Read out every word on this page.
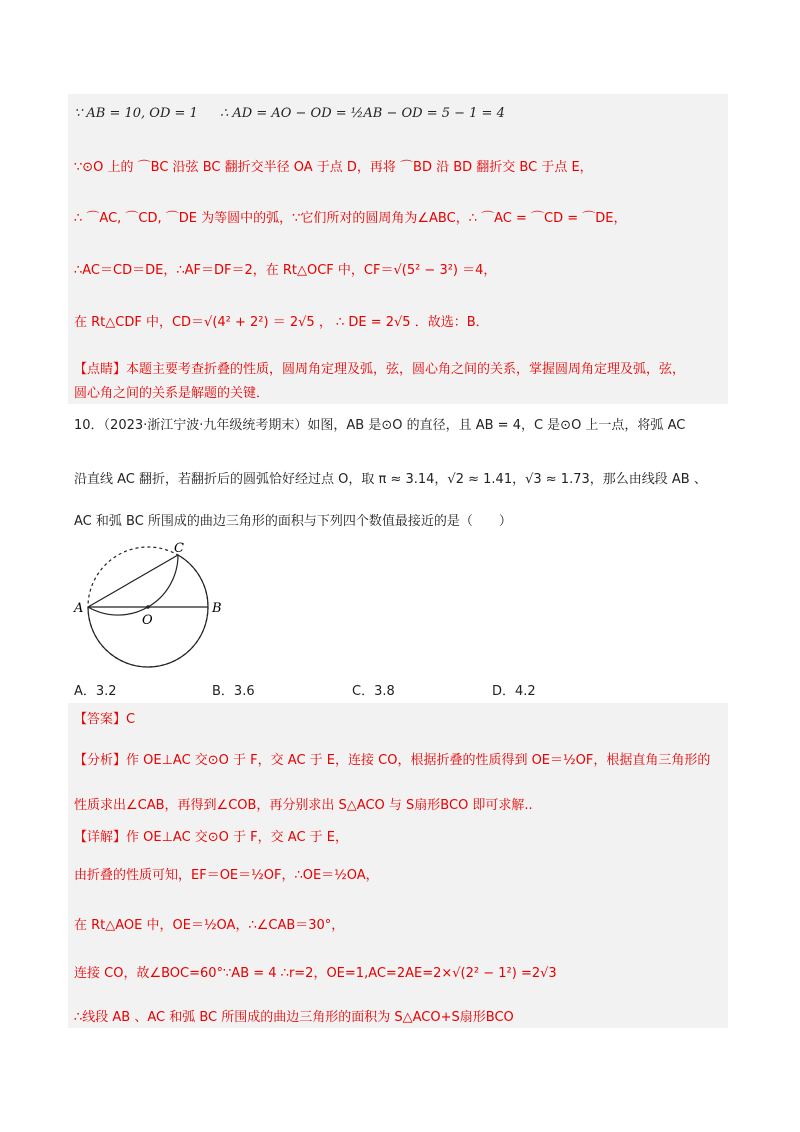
∵ AB = 10, OD = 1 ∴ AD = AO − OD = ½AB − OD = 5 − 1 = 4
∵⊙O 上的 ⌒BC 沿弦 BC 翻折交半径 OA 于点 D，再将 ⌒BD 沿 BD 翻折交 BC 于点 E，
∴ ⌒AC, ⌒CD, ⌒DE 为等圆中的弧，∵它们所对的圆周角为∠ABC，∴ ⌒AC = ⌒CD = ⌒DE，
∴AC＝CD＝DE，∴AF＝DF＝2，在 Rt△OCF 中，CF＝√(5² − 3²) ＝4，
在 Rt△CDF 中，CD＝√(4² + 2²) ＝ 2√5 ， ∴ DE = 2√5 ．故选：B．
【点睛】本题主要考查折叠的性质，圆周角定理及弧，弦，圆心角之间的关系，掌握圆周角定理及弧，弦，
圆心角之间的关系是解题的关键．
10．（2023·浙江宁波·九年级统考期末）如图，AB 是⊙O 的直径，且 AB = 4，C 是⊙O 上一点，将弧 AC
沿直线 AC 翻折，若翻折后的圆弧恰好经过点 O，取 π ≈ 3.14，√2 ≈ 1.41，√3 ≈ 1.73，那么由线段 AB 、
AC 和弧 BC 所围成的曲边三角形的面积与下列四个数值最接近的是（　　）
A	B
C
O
A．3.2	B．3.6	C．3.8	D．4.2
【答案】C
【分析】作 OE⊥AC 交⊙O 于 F，交 AC 于 E，连接 CO，根据折叠的性质得到 OE＝½OF，根据直角三角形的
性质求出∠CAB，再得到∠COB，再分别求出 S△ACO 与 S扇形BCO 即可求解..
【详解】作 OE⊥AC 交⊙O 于 F，交 AC 于 E，
由折叠的性质可知，EF＝OE＝½OF，∴OE＝½OA，
在 Rt△AOE 中，OE＝½OA，∴∠CAB＝30°，
连接 CO，故∠BOC=60°∵AB = 4 ∴r=2，OE=1,AC=2AE=2×√(2² − 1²) =2√3
∴线段 AB 、AC 和弧 BC 所围成的曲边三角形的面积为 S△ACO+S扇形BCO
